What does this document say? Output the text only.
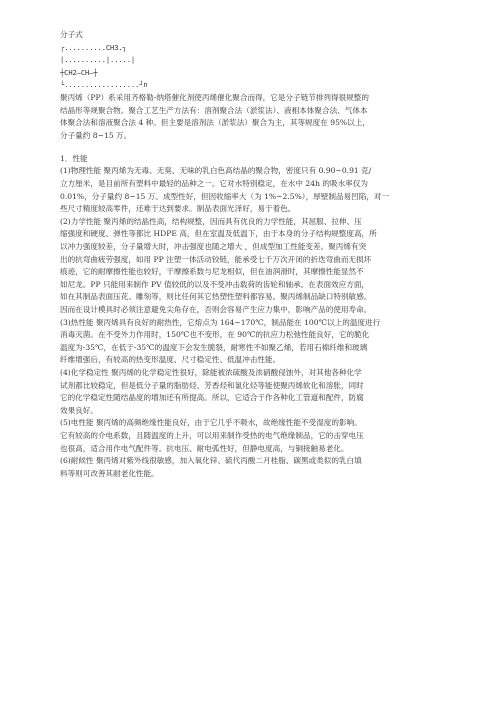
分子式
┌..........CH3.┐
|..........|.....|
┼CH2—CH—┼
└..................┘n
聚丙烯（PP）系采用齐格勒-纳塔催化剂使丙烯催化聚合而得，它是分子链节排列得很规整的
结晶形等规聚合物。聚合工艺生产方法有：溶剂聚合法（淤浆法）、液相本体聚合法、气体本
体聚合法和溶液聚合法 4 种。但主要是溶剂法（淤浆法）聚合为主，其等规度在 95%以上，
分子量约 8~15 万。
1．性能
(1)物理性能 聚丙烯为无毒、无臭、无味的乳白色高结晶的聚合物，密度只有 0.90~0.91 克/
立方厘米，是目前所有塑料中最轻的品种之一。它对水特别稳定，在水中 24h 的吸水率仅为
0.01%，分子量约 8~15 万。成型性好，但因收缩率大（为 1%~2.5%），厚壁制品易凹陷，对一
些尺寸精度较高零件，还难于达到要求。制品表面光泽好，易于着色。
(2)力学性能 聚丙烯的结晶性高，结构规整，因而具有优良的力学性能，其屈服、拉伸、压
缩强度和硬度、弹性等都比 HDPE 高，但在室温及低温下，由于本身的分子结构规整度高，所
以冲力强度较差，分子量增大时，冲击强度也随之增大 ，但成型加工性能变差。聚丙烯有突
出的抗弯曲疲劳强度，如用 PP 注塑一体活动铰链，能承受七千万次开闭的折迭弯曲而无损坏
痕迹，它的耐摩擦性能也较好，干摩擦系数与尼龙相似，但在油润滑时，其摩擦性能显然不
如尼龙。PP 只能用来制作 PV 值较低的以及不受冲击载荷的齿轮和轴承。在表面效应方面，
如在其制品表面压花、雕刻等，则比任何其它热塑性塑料都容易。聚丙烯制品缺口特别敏感。
因而在设计模具时必须注意避免尖角存在，否则会容易产生应力集中，影响产品的使用寿命。
(3)热性能 聚丙烯具有良好的耐热性，它熔点为 164~170℃，制品能在 100℃以上的温度进行
消毒灭菌。在不受外力作用时，150℃也不变形，在 90℃的抗应力松弛性能良好，它的脆化
温度为-35℃，在低于-35℃的温度下会发生脆裂，耐寒性不如聚乙烯，若用石棉纤维和玻璃
纤维增强后，有较高的热变形温度、尺寸稳定性、低温冲击性能。
(4)化学稳定性 聚丙烯的化学稳定性很好，除能被浓硫酸及浓硝酸侵蚀外，对其他各种化学
试剂都比较稳定，但是低分子量的脂肪烃、芳香烃和氯化烃等能使聚丙烯软化和溶胀，同时
它的化学稳定性随结晶度的增加还有所提高。所以，它适合于作各种化工管道和配件，防腐
效果良好。
(5)电性能 聚丙烯的高频绝缘性能良好，由于它几乎不吸水，故绝缘性能不受湿度的影响。
它有较高的介电系数，且随温度的上升，可以用来制作受热的电气绝缘制品，它的击穿电压
也很高，适合用作电气配件等。抗电压、耐电弧性好，但静电度高，与铜接触易老化。
(6)耐候性 聚丙烯对紫外线很敏感，加入氧化锌、硫代丙酸二月桂脂、碳黑或类似的乳白填
料等则可改善其耐老化性能。
